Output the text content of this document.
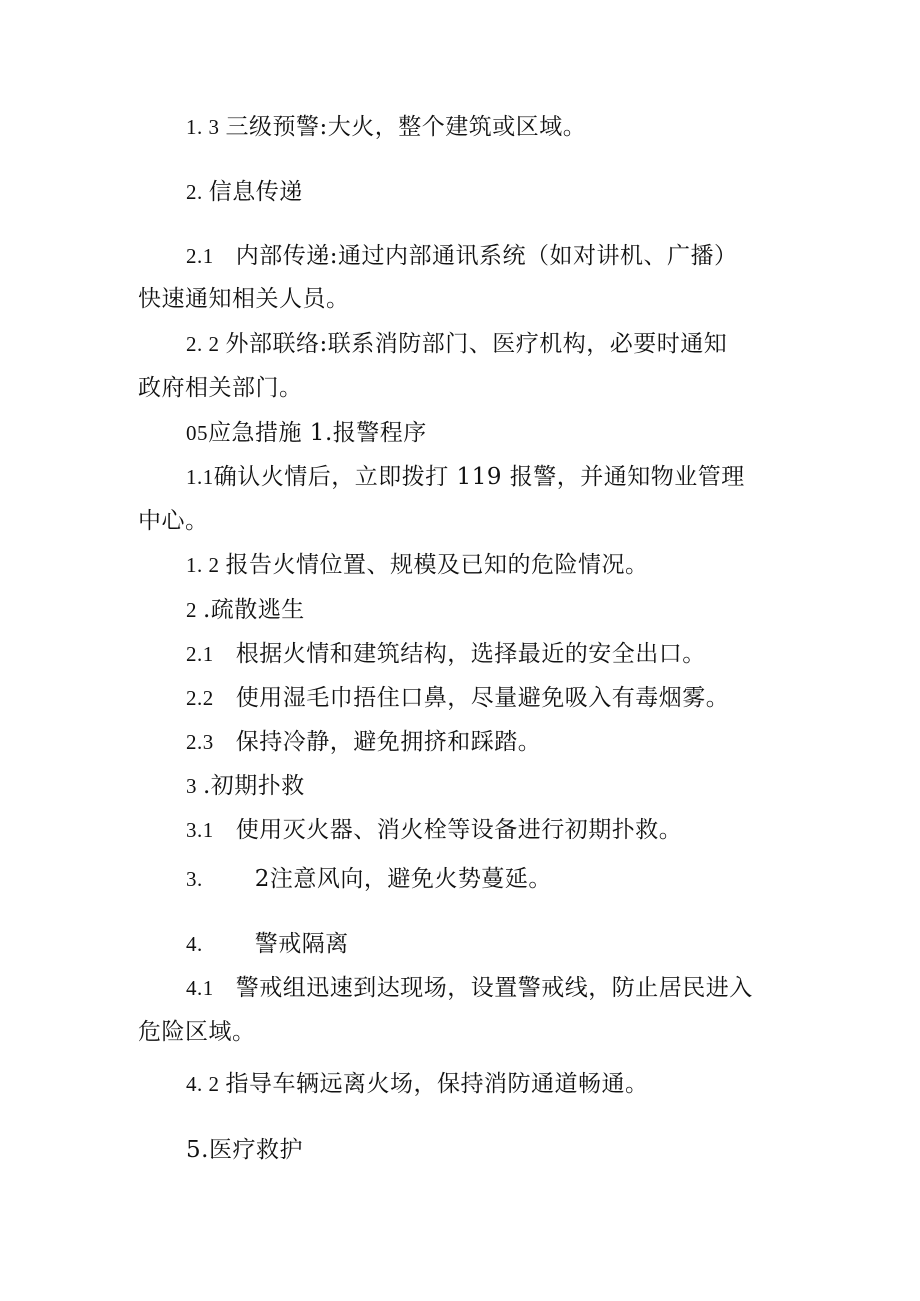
1. 3 三级预警:大火，整个建筑或区域。
2. 信息传递
2.1 内部传递:通过内部通讯系统（如对讲机、广播）
快速通知相关人员。
2. 2 外部联络:联系消防部门、医疗机构，必要时通知
政府相关部门。
05应急措施 1.报警程序
1.1确认火情后，立即拨打 119 报警，并通知物业管理
中心。
1. 2 报告火情位置、规模及已知的危险情况。
2 .疏散逃生
2.1 根据火情和建筑结构，选择最近的安全出口。
2.2 使用湿毛巾捂住口鼻，尽量避免吸入有毒烟雾。
2.3 保持冷静，避免拥挤和踩踏。
3 .初期扑救
3.1 使用灭火器、消火栓等设备进行初期扑救。
3. 2注意风向，避免火势蔓延。
4. 警戒隔离
4.1 警戒组迅速到达现场，设置警戒线，防止居民进入
危险区域。
4. 2 指导车辆远离火场，保持消防通道畅通。
5.医疗救护
